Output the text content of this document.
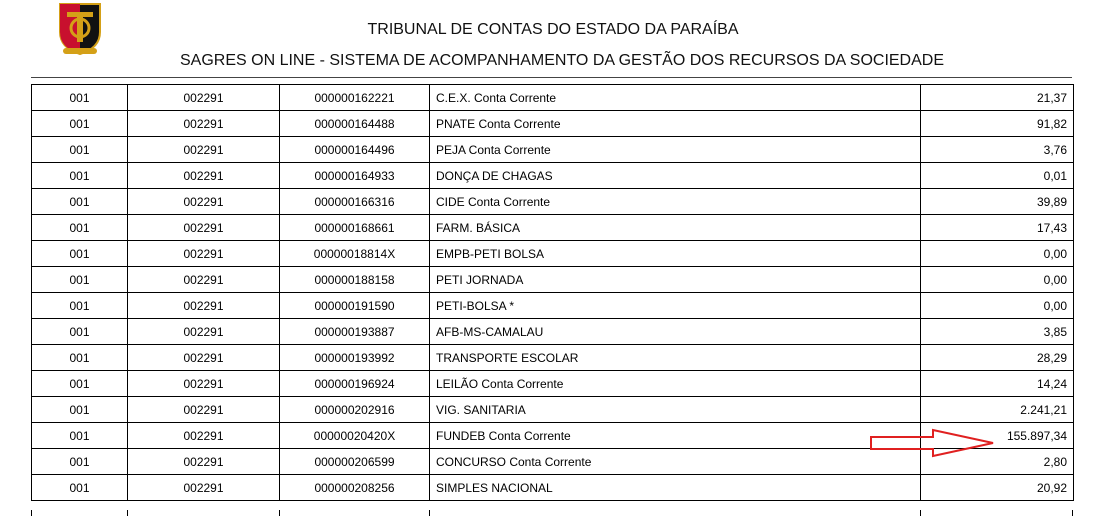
TRIBUNAL DE CONTAS DO ESTADO DA PARAÍBA
SAGRES ON LINE - SISTEMA DE ACOMPANHAMENTO DA GESTÃO DOS RECURSOS DA SOCIEDADE
001	002291	000000162221	C.E.X. Conta Corrente	21,37
001	002291	000000164488	PNATE Conta Corrente	91,82
001	002291	000000164496	PEJA Conta Corrente	3,76
001	002291	000000164933	DONÇA DE CHAGAS	0,01
001	002291	000000166316	CIDE Conta Corrente	39,89
001	002291	000000168661	FARM. BÁSICA	17,43
001	002291	00000018814X	EMPB-PETI BOLSA	0,00
001	002291	000000188158	PETI JORNADA	0,00
001	002291	000000191590	PETI-BOLSA *	0,00
001	002291	000000193887	AFB-MS-CAMALAU	3,85
001	002291	000000193992	TRANSPORTE ESCOLAR	28,29
001	002291	000000196924	LEILÃO Conta Corrente	14,24
001	002291	000000202916	VIG. SANITARIA	2.241,21
001	002291	00000020420X	FUNDEB Conta Corrente	155.897,34
001	002291	000000206599	CONCURSO Conta Corrente	2,80
001	002291	000000208256	SIMPLES NACIONAL	20,92
